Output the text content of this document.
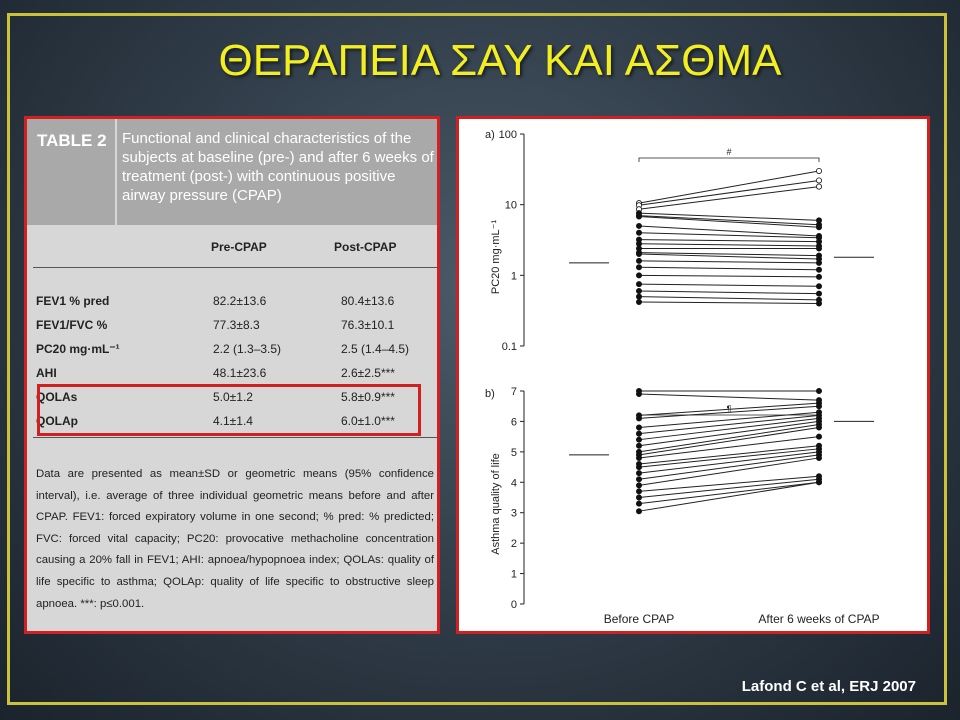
ΘΕΡΑΠΕΙΑ ΣΑΥ ΚΑΙ ΑΣΘΜΑ
TABLE 2 Functional and clinical characteristics of the subjects at baseline (pre-) and after 6 weeks of treatment (post-) with continuous positive airway pressure (CPAP)
Pre-CPAP	Post-CPAP
FEV1 % pred	82.2±13.6	80.4±13.6
FEV1/FVC %	77.3±8.3	76.3±10.1
PC20 mg·mL⁻¹	2.2 (1.3–3.5)	2.5 (1.4–4.5)
AHI	48.1±23.6	2.6±2.5***
QOLAs	5.0±1.2	5.8±0.9***
QOLAp	4.1±1.4	6.0±1.0***
Data are presented as mean±SD or geometric means (95% confidence interval), i.e. average of three individual geometric means before and after CPAP. FEV1: forced expiratory volume in one second; % pred: % predicted; FVC: forced vital capacity; PC20: provocative methacholine concentration causing a 20% fall in FEV1; AHI: apnoea/hypopnoea index; QOLAs: quality of life specific to asthma; QOLAp: quality of life specific to obstructive sleep apnoea. ***: p≤0.001.
a)
PC20 mg·mL⁻¹
0.1
1
10
100
#
b)
Asthma quality of life
0
1
2
3
4
5
6
7
Before CPAP	After 6 weeks of CPAP
Lafond C et al, ERJ 2007
